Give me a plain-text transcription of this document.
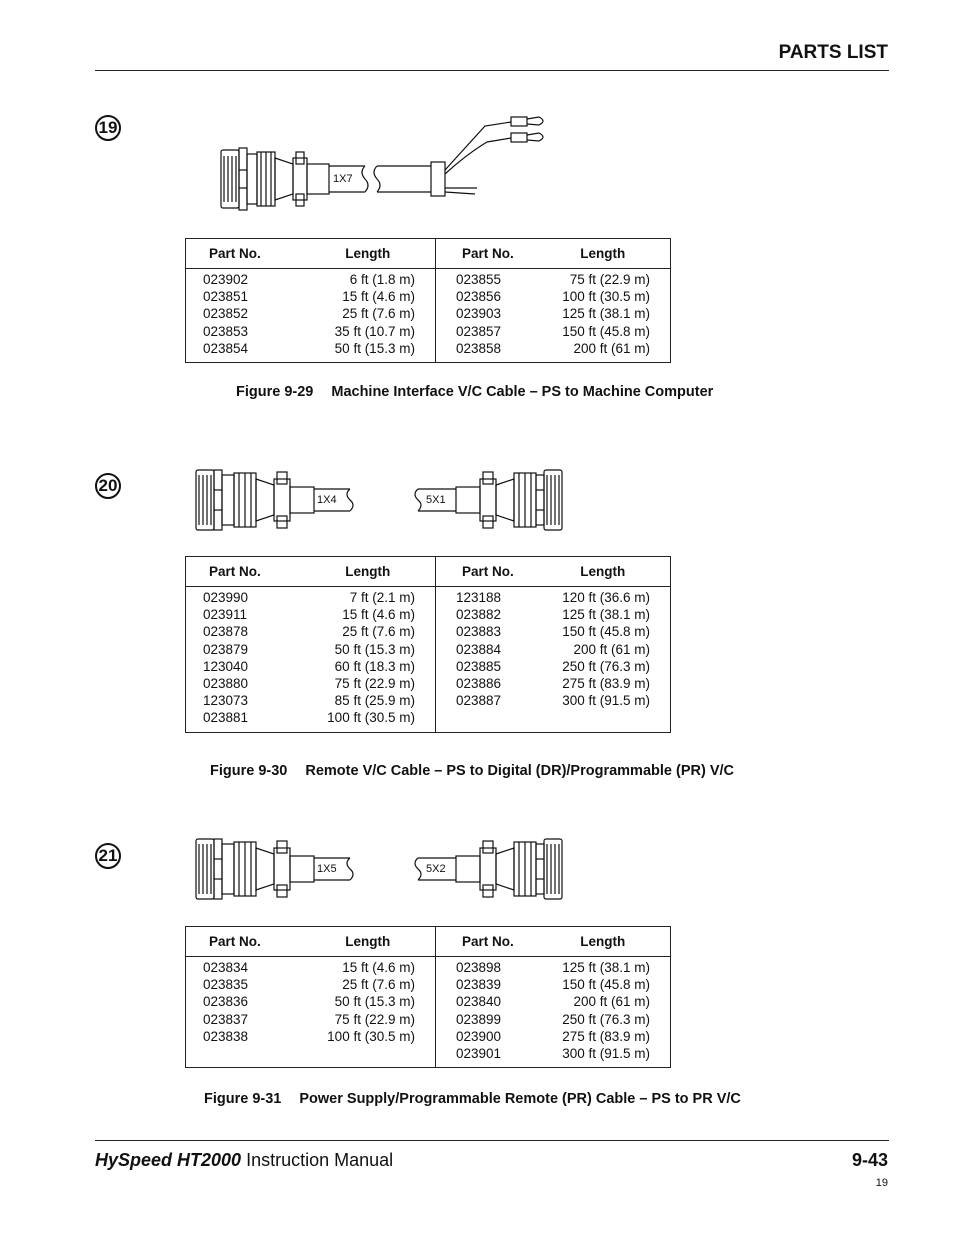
PARTS LIST
19
1X7
Part No.	Length	Part No.	Length
023902	6 ft (1.8 m)	023855	75 ft (22.9 m)
023851	15 ft (4.6 m)	023856	100 ft (30.5 m)
023852	25 ft (7.6 m)	023903	125 ft (38.1 m)
023853	35 ft (10.7 m)	023857	150 ft (45.8 m)
023854	50 ft (15.3 m)	023858	200 ft (61 m)
Figure 9-29 Machine Interface V/C Cable – PS to Machine Computer
20
1X4	5X1
Part No.	Length	Part No.	Length
023990	7 ft (2.1 m)	123188	120 ft (36.6 m)
023911	15 ft (4.6 m)	023882	125 ft (38.1 m)
023878	25 ft (7.6 m)	023883	150 ft (45.8 m)
023879	50 ft (15.3 m)	023884	200 ft (61 m)
123040	60 ft (18.3 m)	023885	250 ft (76.3 m)
023880	75 ft (22.9 m)	023886	275 ft (83.9 m)
123073	85 ft (25.9 m)	023887	300 ft (91.5 m)
023881	100 ft (30.5 m)		
Figure 9-30 Remote V/C Cable – PS to Digital (DR)/Programmable (PR) V/C
21
1X5	5X2
Part No.	Length	Part No.	Length
023834	15 ft (4.6 m)	023898	125 ft (38.1 m)
023835	25 ft (7.6 m)	023839	150 ft (45.8 m)
023836	50 ft (15.3 m)	023840	200 ft (61 m)
023837	75 ft (22.9 m)	023899	250 ft (76.3 m)
023838	100 ft (30.5 m)	023900	275 ft (83.9 m)
		023901	300 ft (91.5 m)
Figure 9-31 Power Supply/Programmable Remote (PR) Cable – PS to PR V/C
HySpeed HT2000 Instruction Manual	9-43
19
